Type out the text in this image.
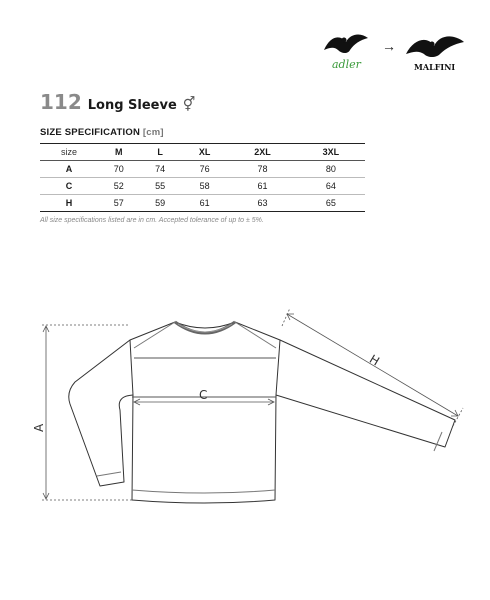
adler
→
MALFINI
112 Long Sleeve ⚥
SIZE SPECIFICATION [cm]
size	M	L	XL	2XL	3XL
A	70	74	76	78	80
C	52	55	58	61	64
H	57	59	61	63	65
All size specifications listed are in cm. Accepted tolerance of up to ± 5%.
A
C
H
